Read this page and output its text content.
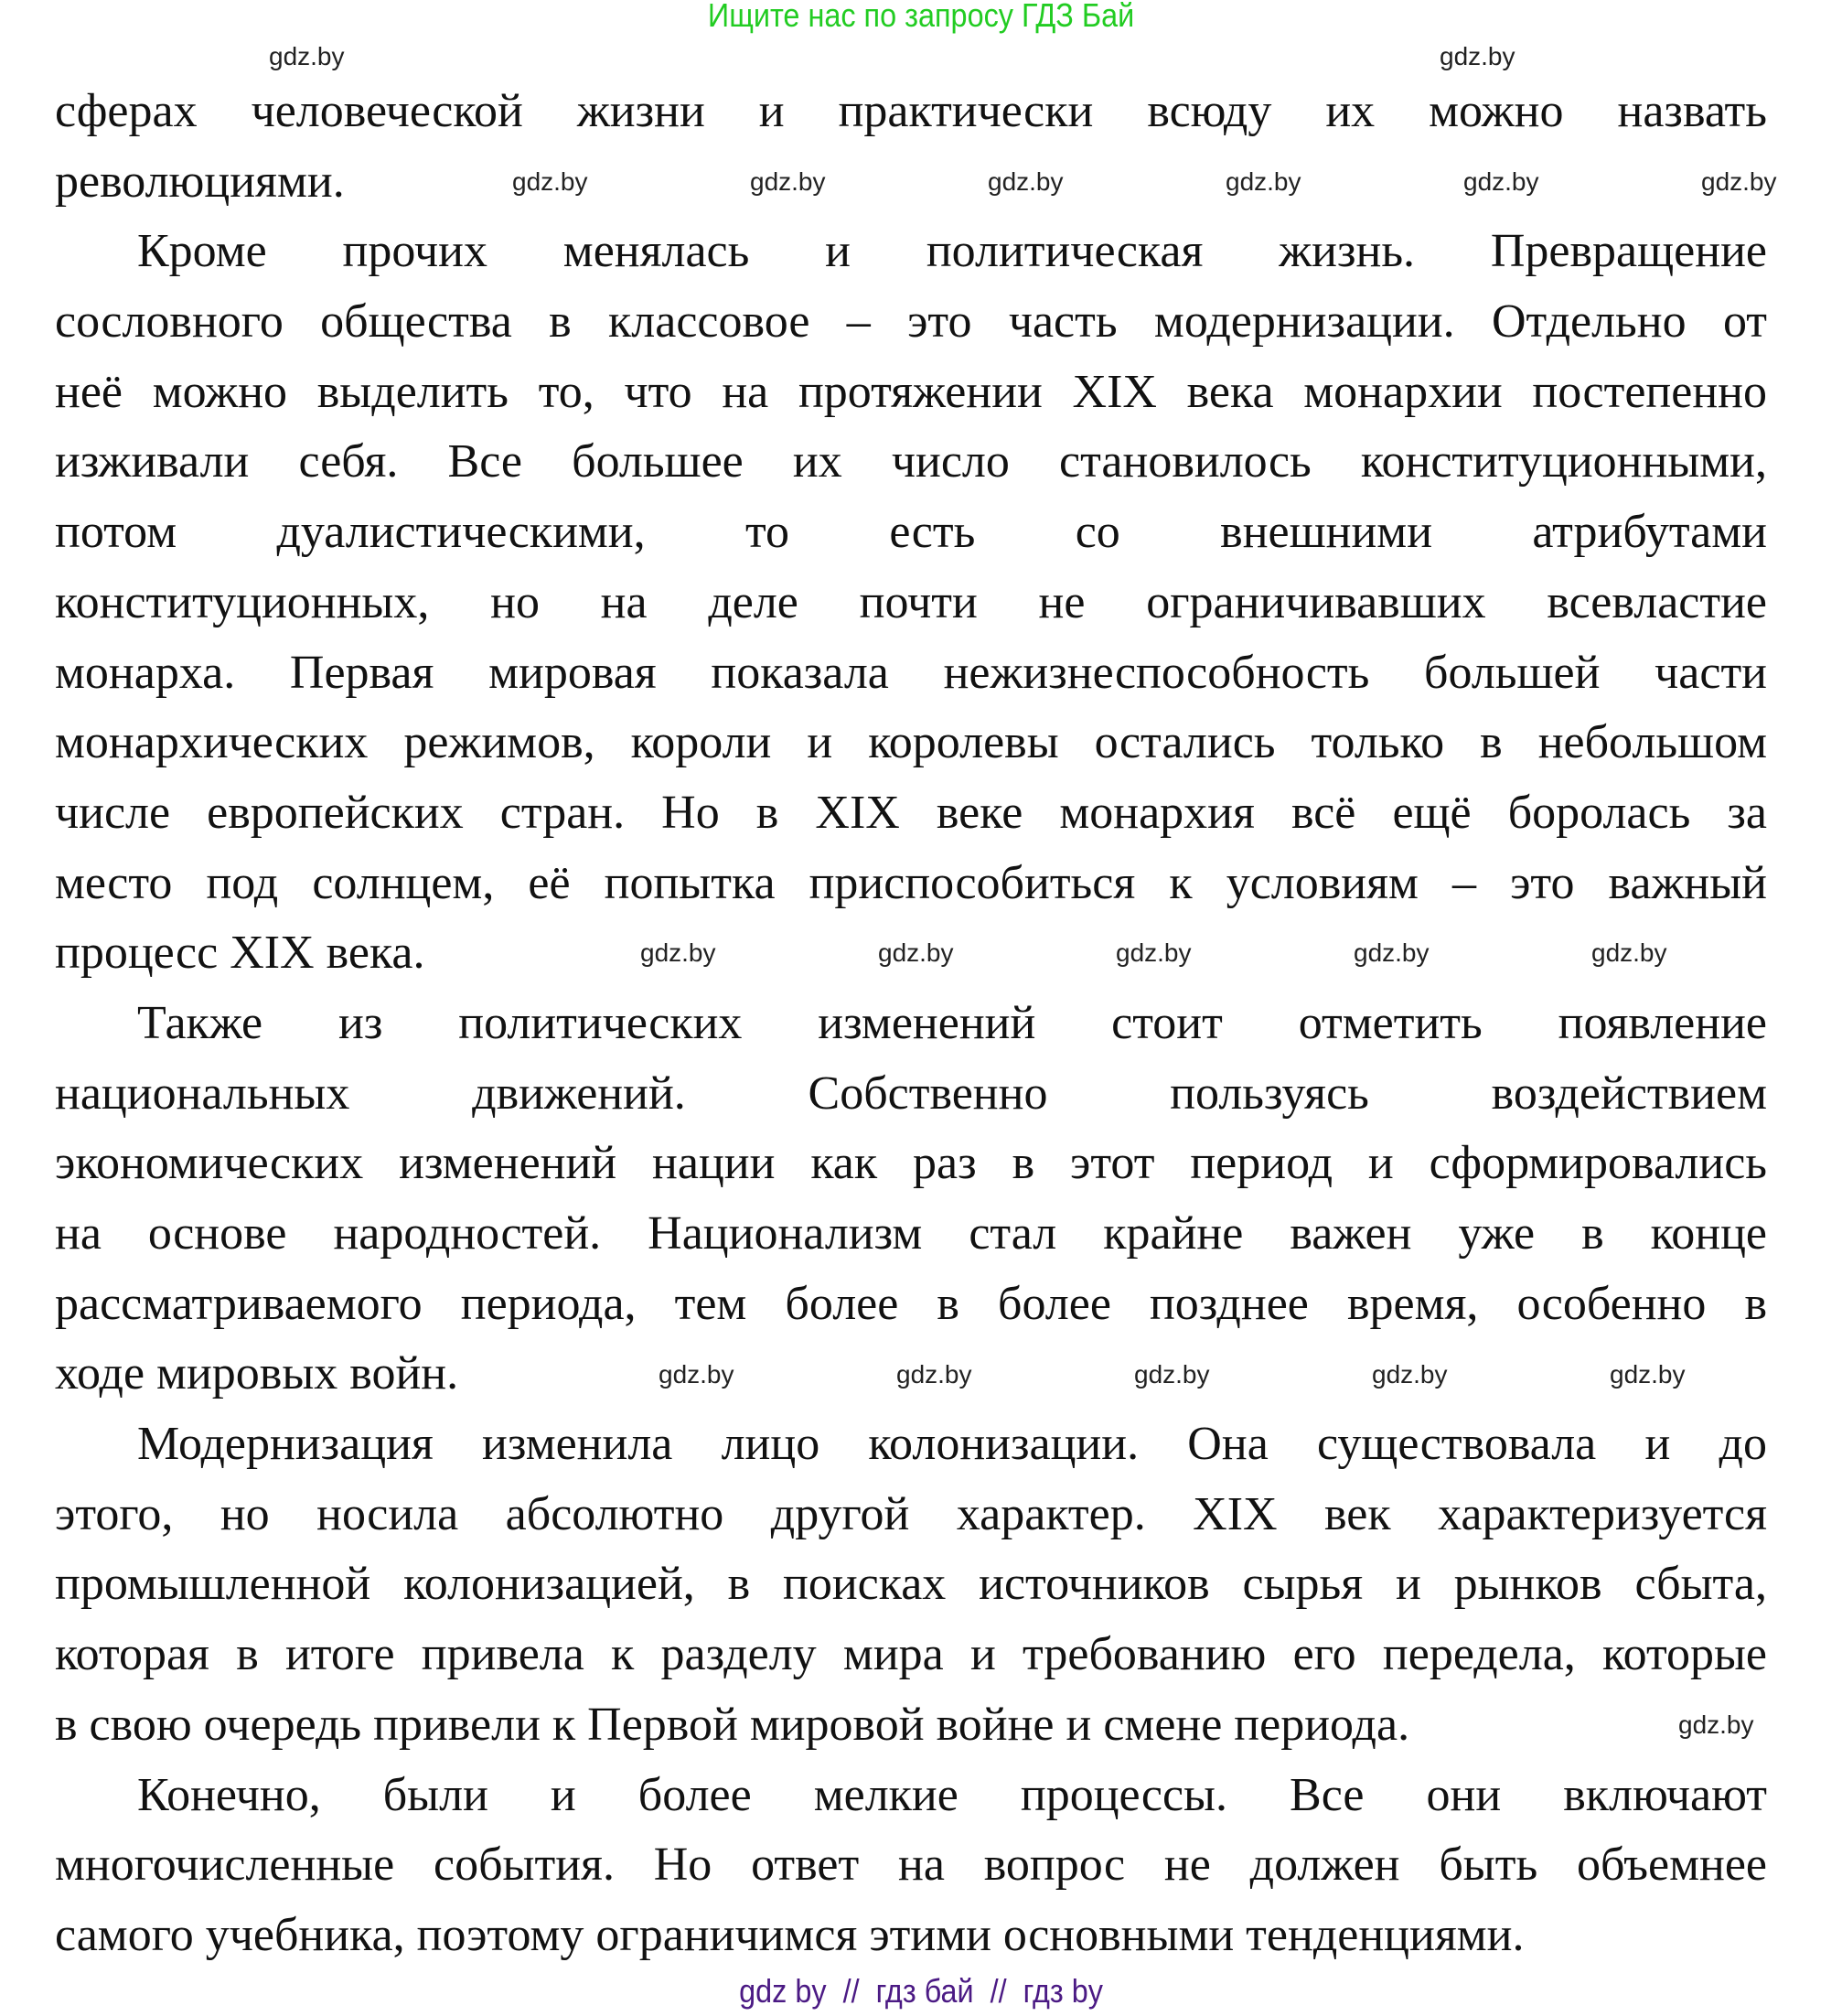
Ищите нас по запросу ГДЗ Бай
сферах человеческой жизни и практически всюду их можно назвать
революциями.
Кроме прочих менялась и политическая жизнь. Превращение
сословного общества в классовое – это часть модернизации. Отдельно от
неё можно выделить то, что на протяжении XIX века монархии постепенно
изживали себя. Все большее их число становилось конституционными,
потом дуалистическими, то есть со внешними атрибутами
конституционных, но на деле почти не ограничивавших всевластие
монарха. Первая мировая показала нежизнеспособность большей части
монархических режимов, короли и королевы остались только в небольшом
числе европейских стран. Но в XIX веке монархия всё ещё боролась за
место под солнцем, её попытка приспособиться к условиям – это важный
процесс XIX века.
Также из политических изменений стоит отметить появление
национальных движений. Собственно пользуясь воздействием
экономических изменений нации как раз в этот период и сформировались
на основе народностей. Национализм стал крайне важен уже в конце
рассматриваемого периода, тем более в более позднее время, особенно в
ходе мировых войн.
Модернизация изменила лицо колонизации. Она существовала и до
этого, но носила абсолютно другой характер. XIX век характеризуется
промышленной колонизацией, в поисках источников сырья и рынков сбыта,
которая в итоге привела к разделу мира и требованию его передела, которые
в свою очередь привели к Первой мировой войне и смене периода.
Конечно, были и более мелкие процессы. Все они включают
многочисленные события. Но ответ на вопрос не должен быть объемнее
самого учебника, поэтому ограничимся этими основными тенденциями.
gdz.by	gdz.by
gdz.by	gdz.by	gdz.by	gdz.by	gdz.by	gdz.by
gdz.by	gdz.by	gdz.by	gdz.by	gdz.by
gdz.by	gdz.by	gdz.by	gdz.by	gdz.by
gdz.by
gdz by  //  гдз бай  //  гдз by
